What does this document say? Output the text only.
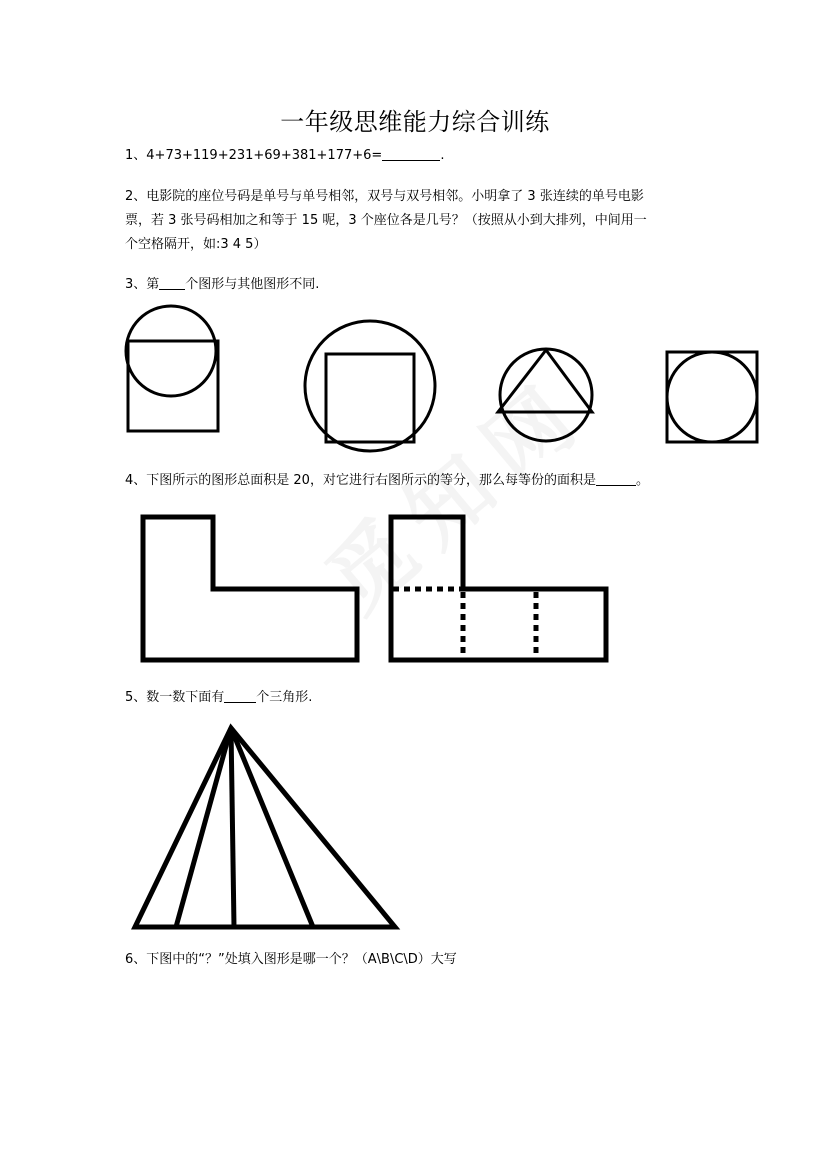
一年级思维能力综合训练
1、4+73+119+231+69+381+177+6=	.
2、电影院的座位号码是单号与单号相邻，双号与双号相邻。小明拿了 3 张连续的单号电影
票，若 3 张号码相加之和等于 15 呢，3 个座位各是几号？（按照从小到大排列，中间用一
个空格隔开，如:3 4 5）
3、第 个图形与其他图形不同.
4、下图所示的图形总面积是 20，对它进行右图所示的等分，那么每等份的面积是	。
5、数一数下面有 个三角形.
6、下图中的“？”处填入图形是哪一个？（A\B\C\D）大写
